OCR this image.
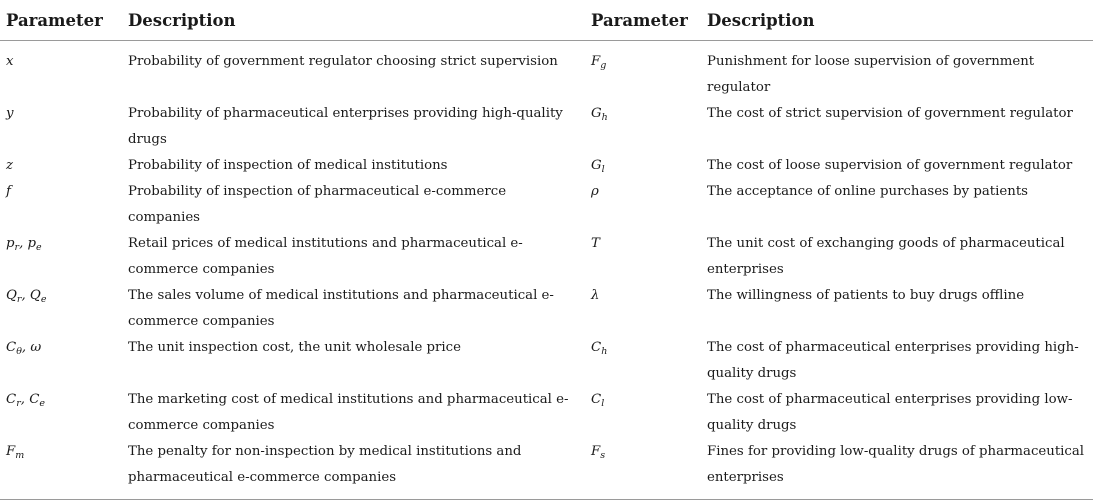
Parameter	Description	Parameter	Description
x	Probability of government regulator choosing strict supervision	$F_g$	Punishment for loose supervision of government regulator
y	Probability of pharmaceutical enterprises providing high-quality drugs	$G_h$	The cost of strict supervision of government regulator
z	Probability of inspection of medical institutions	$G_l$	The cost of loose supervision of government regulator
f	Probability of inspection of pharmaceutical e-commerce companies	ρ	The acceptance of online purchases by patients
$p_r$, $p_e$	Retail prices of medical institutions and pharmaceutical e-commerce companies	T	The unit cost of exchanging goods of pharmaceutical enterprises
$Q_r$, $Q_e$	The sales volume of medical institutions and pharmaceutical e-commerce companies	λ	The willingness of patients to buy drugs offline
$C_\theta$, ω	The unit inspection cost, the unit wholesale price	$C_h$	The cost of pharmaceutical enterprises providing high-quality drugs
$C_r$, $C_e$	The marketing cost of medical institutions and pharmaceutical e-commerce companies	$C_l$	The cost of pharmaceutical enterprises providing low-quality drugs
$F_m$	The penalty for non-inspection by medical institutions and pharmaceutical e-commerce companies	$F_s$	Fines for providing low-quality drugs of pharmaceutical enterprises
